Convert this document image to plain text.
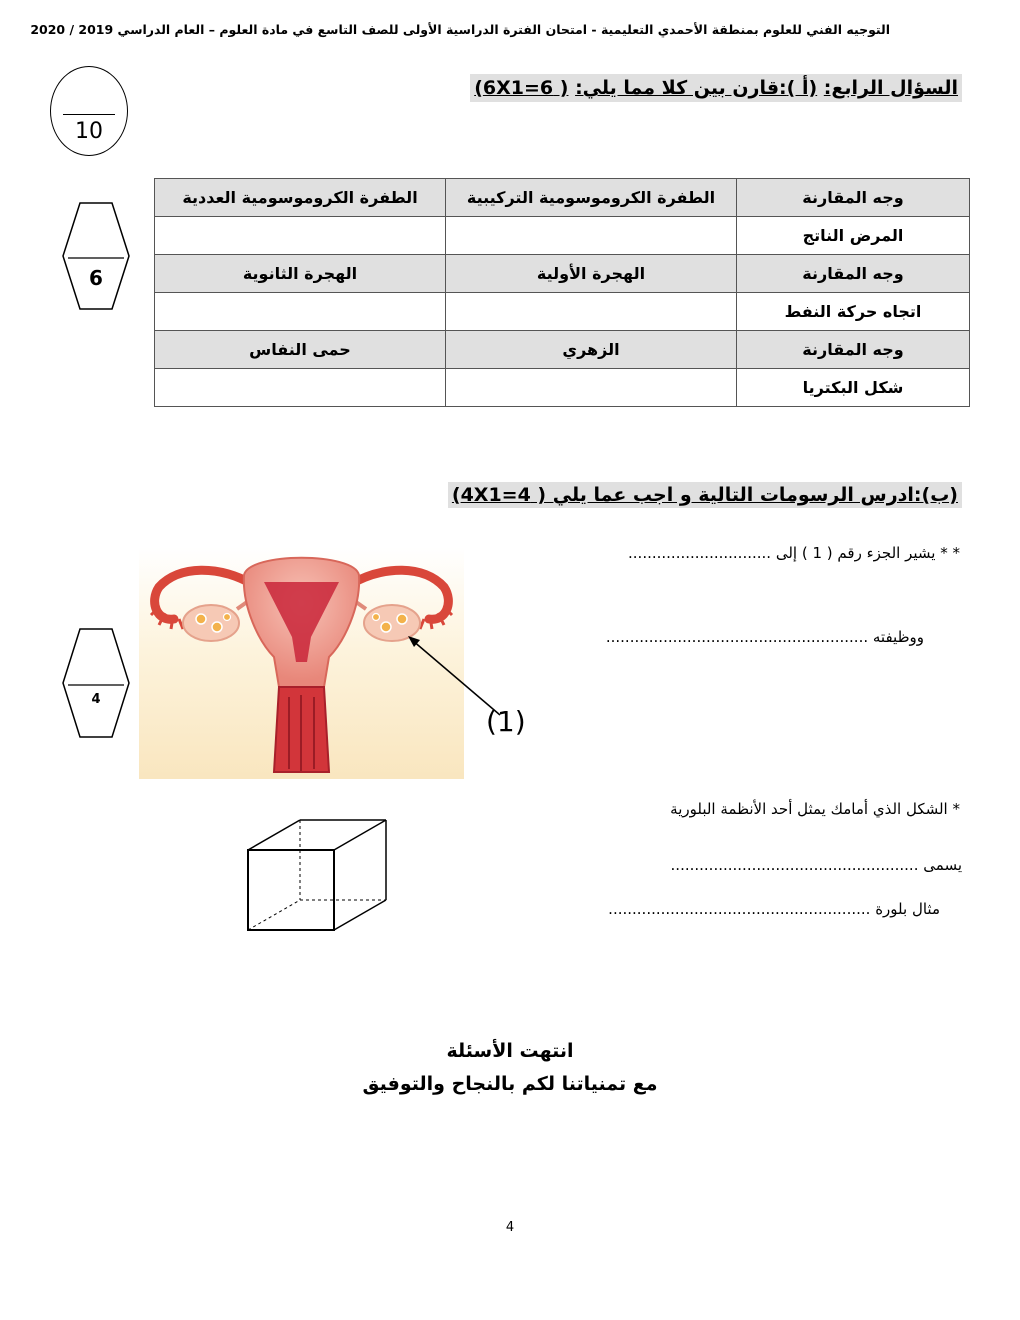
التوجيه الفني للعلوم بمنطقة الأحمدي التعليمية - امتحان الفترة الدراسية الأولى للصف التاسع في مادة العلوم – العام الدراسي 2019 / 2020
10
السؤال الرابع: (أ ):قارن بين كلا مما يلي: ( 6X1=6)
6
وجه المقارنة	الطفرة الكروموسومية التركيبية	الطفرة الكروموسومية العددية
المرض الناتج		
وجه المقارنة	الهجرة الأولية	الهجرة الثانوية
اتجاه حركة النفط		
وجه المقارنة	الزهري	حمى النفاس
شكل البكتريا		
(ب):ادرس الرسومات التالية و اجب عما يلي ( 4X1=4)
4
(1)
* * يشير الجزء رقم ( 1 ) إلى ..............................
ووظيفته .......................................................
* الشكل الذي أمامك يمثل أحد الأنظمة البلورية
يسمى ....................................................
مثال بلورة .......................................................
انتهت الأسئلة
مع تمنياتنا لكم بالنجاح والتوفيق
4
